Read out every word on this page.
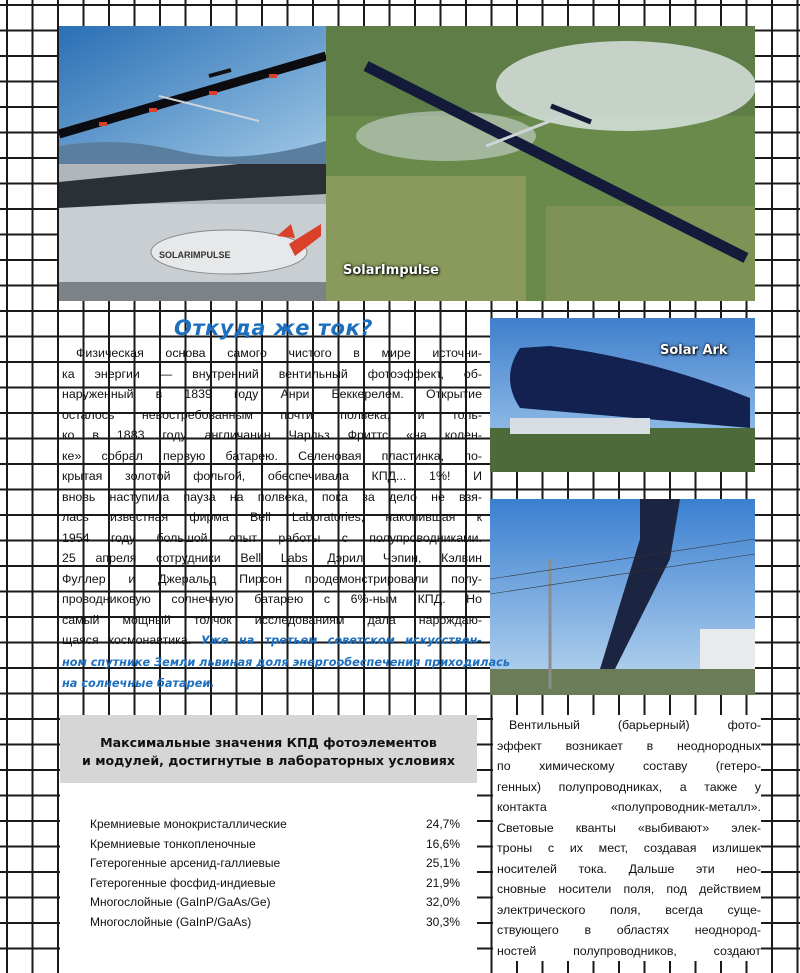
SOLARIMPULSE
SolarImpulse
Solar Ark
Откуда же ток?
Физическая основа самого чистого в мире источни-
ка энергии — внутренний вентильный фотоэффект, об-
наруженный в 1839 году Анри Беккерелем. Открытие
осталось невостребованным почти полвека, и толь-
ко в 1883 году англичанин Чарльз Фриттс «на колен-
ке» собрал первую батарею. Селеновая пластинка, по-
крытая золотой фольгой, обеспечивала КПД... 1%! И
вновь наступила пауза на полвека, пока за дело не взя-
лась известная фирма Bell Laboratories, накопившая к
1954 году большой опыт работы с полупроводниками.
25 апреля сотрудники Bell Labs Дэрил Чэпин, Кэлвин
Фуллер и Джеральд Пирсон продемонстрировали полу-
проводниковую солнечную батарею с 6%-ным КПД. Но
самый мощный толчок исследованиям дала нарождаю-
щаяся космонавтика. Уже на третьем советском искусствен-
ном спутнике Земли львиная доля энергообеспечения приходилась
на солнечные батареи.
Максимальные значения КПД фотоэлементов
и модулей, достигнутые в лабораторных условиях
Кремниевые монокристаллические	24,7%
Кремниевые тонкопленочные	16,6%
Гетерогенные арсенид-галлиевые	25,1%
Гетерогенные фосфид-индиевые	21,9%
Многослойные (GaInP/GaAs/Ge)	32,0%
Многослойные (GaInP/GaAs)	30,3%
Вентильный (барьерный) фото-
эффект возникает в неоднородных
по химическому составу (гетеро-
генных) полупроводниках, а также у
контакта «полупроводник-металл».
Световые кванты «выбивают» элек-
троны с их мест, создавая излишек
носителей тока. Дальше эти нео-
сновные носители поля, под действием
электрического поля, всегда суще-
ствующего в областях неоднород-
ностей полупроводников, создают
